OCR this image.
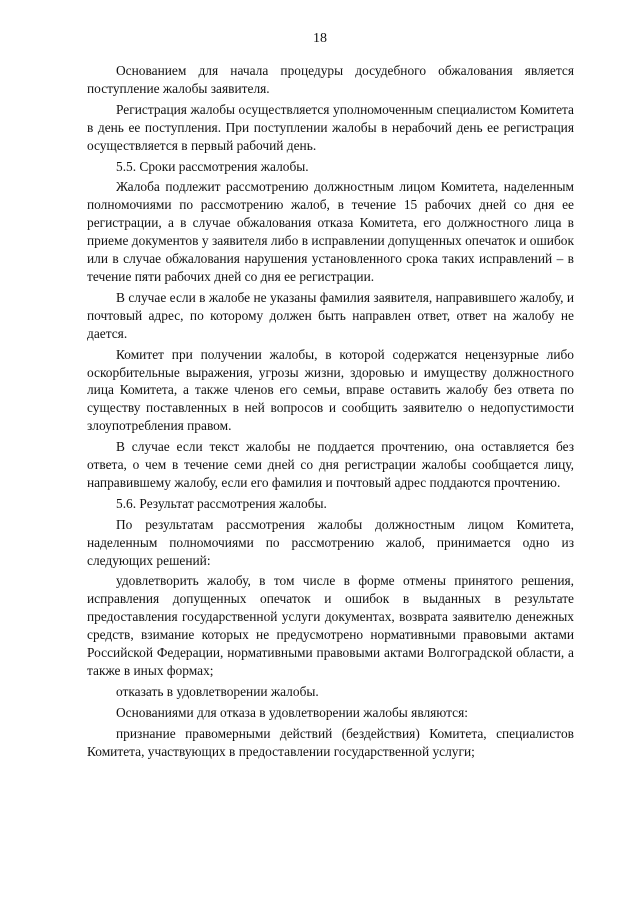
18

Основанием для начала процедуры досудебного обжалования является поступление жалобы заявителя.

Регистрация жалобы осуществляется уполномоченным специалистом Комитета в день ее поступления. При поступлении жалобы в нерабочий день ее регистрация осуществляется в первый рабочий день.

5.5. Сроки рассмотрения жалобы.

Жалоба подлежит рассмотрению должностным лицом Комитета, наделенным полномочиями по рассмотрению жалоб, в течение 15 рабочих дней со дня ее регистрации, а в случае обжалования отказа Комитета, его должностного лица в приеме документов у заявителя либо в исправлении допущенных опечаток и ошибок или в случае обжалования нарушения установленного срока таких исправлений – в течение пяти рабочих дней со дня ее регистрации.

В случае если в жалобе не указаны фамилия заявителя, направившего жалобу, и почтовый адрес, по которому должен быть направлен ответ, ответ на жалобу не дается.

Комитет при получении жалобы, в которой содержатся нецензурные либо оскорбительные выражения, угрозы жизни, здоровью и имуществу должностного лица Комитета, а также членов его семьи, вправе оставить жалобу без ответа по существу поставленных в ней вопросов и сообщить заявителю о недопустимости злоупотребления правом.

В случае если текст жалобы не поддается прочтению, она оставляется без ответа, о чем в течение семи дней со дня регистрации жалобы сообщается лицу, направившему жалобу, если его фамилия и почтовый адрес поддаются прочтению.

5.6. Результат рассмотрения жалобы.

По результатам рассмотрения жалобы должностным лицом Комитета, наделенным полномочиями по рассмотрению жалоб, принимается одно из следующих решений:

удовлетворить жалобу, в том числе в форме отмены принятого решения, исправления допущенных опечаток и ошибок в выданных в результате предоставления государственной услуги документах, возврата заявителю денежных средств, взимание которых не предусмотрено нормативными правовыми актами Российской Федерации, нормативными правовыми актами Волгоградской области, а также в иных формах;

отказать в удовлетворении жалобы.

Основаниями для отказа в удовлетворении жалобы являются:

признание правомерными действий (бездействия) Комитета, специалистов Комитета, участвующих в предоставлении государственной услуги;
